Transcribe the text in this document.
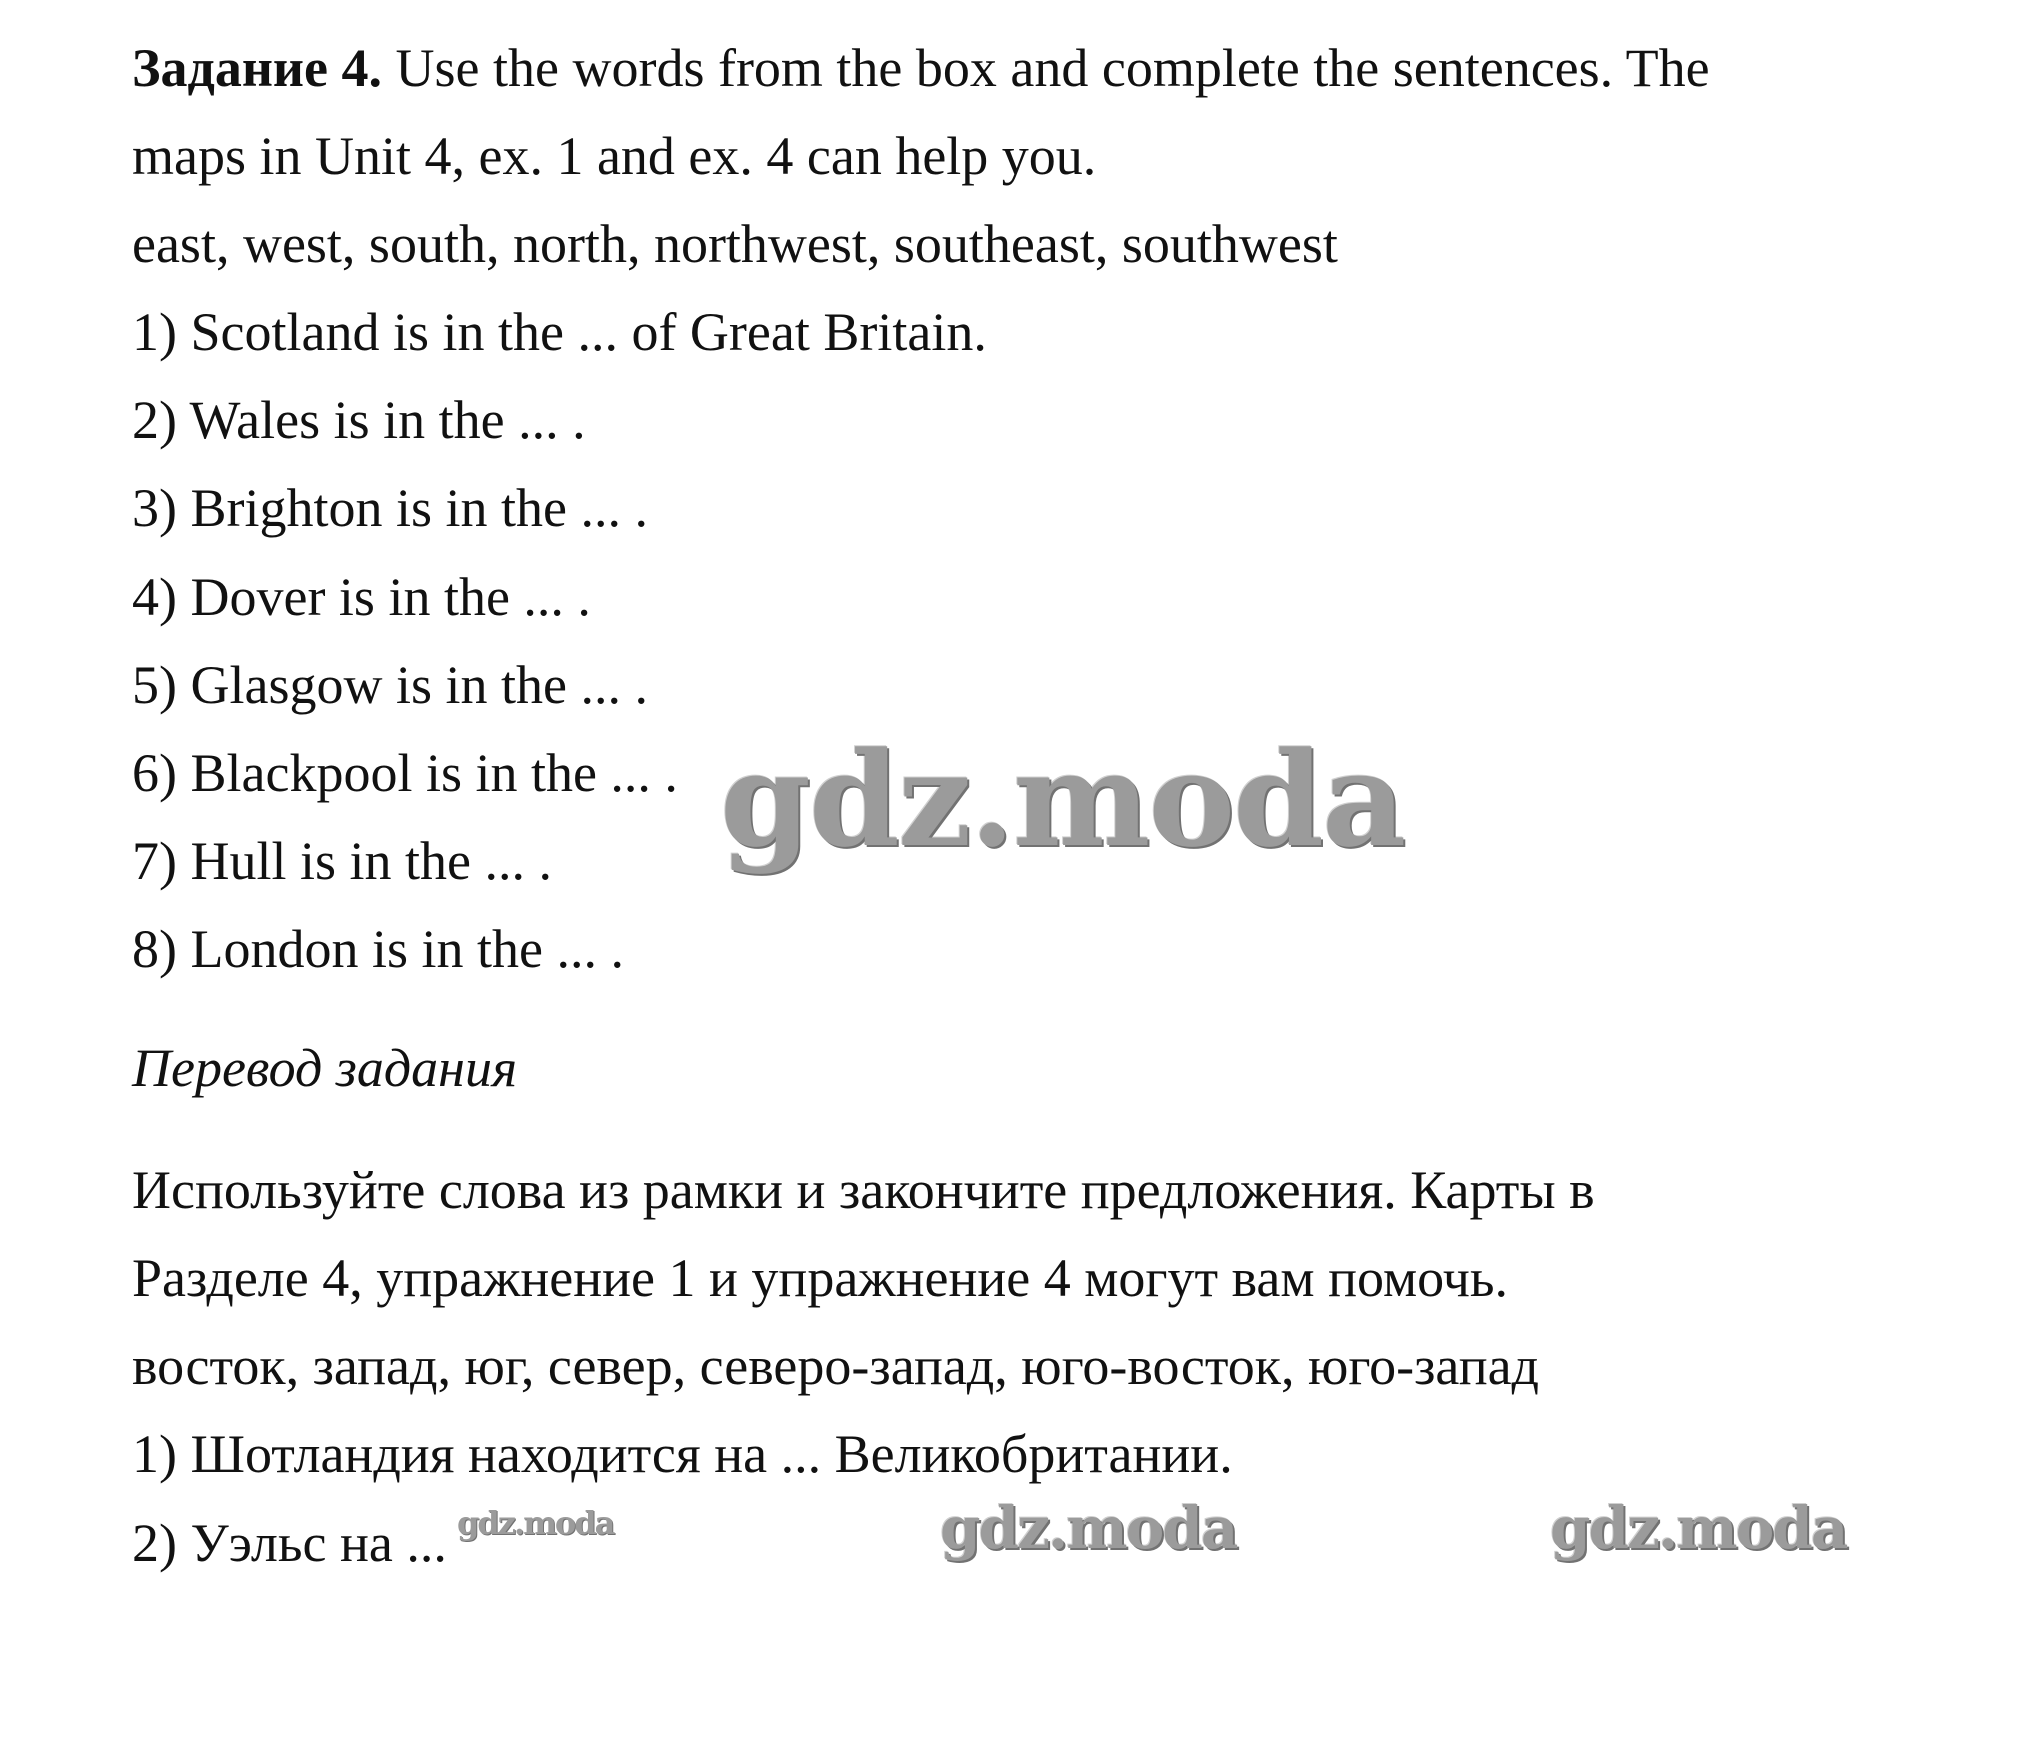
Задание 4. Use the words from the box and complete the sentences. The
maps in Unit 4, ex. 1 and ex. 4 can help you.
east, west, south, north, northwest, southeast, southwest
1) Scotland is in the ... of Great Britain.
2) Wales is in the ... .
3) Brighton is in the ... .
4) Dover is in the ... .
5) Glasgow is in the ... .
6) Blackpool is in the ... .
7) Hull is in the ... .
8) London is in the ... .
Перевод задания
Используйте слова из рамки и закончите предложения. Карты в
Разделе 4, упражнение 1 и упражнение 4 могут вам помочь.
восток, запад, юг, север, северо-запад, юго-восток, юго-запад
1) Шотландия находится на ... Великобритании.
2) Уэльс на ...
gdz.moda
gdz.moda	gdz.moda	gdz.moda
